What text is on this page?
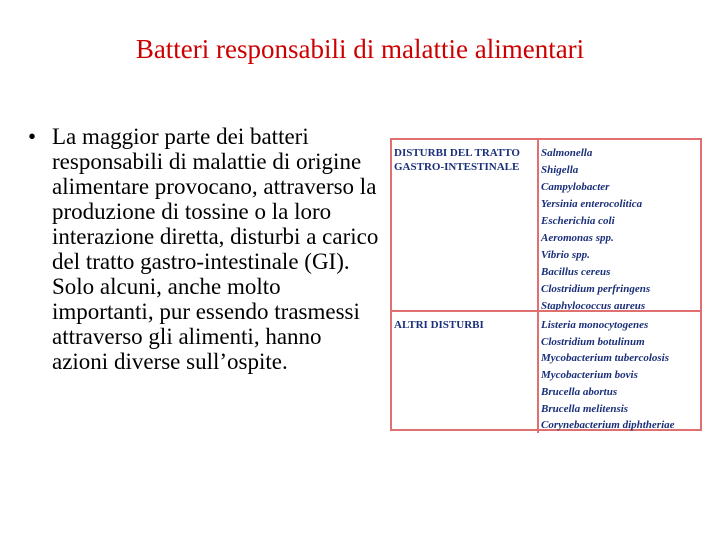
Batteri responsabili di malattie alimentari
• La maggior parte dei batteri responsabili di malattie di origine alimentare provocano, attraverso la produzione di tossine o la loro interazione diretta, disturbi a carico del tratto gastro-intestinale (GI). Solo alcuni, anche molto importanti, pur essendo trasmessi attraverso gli alimenti, hanno azioni diverse sull’ospite.
DISTURBI DEL TRATTO GASTRO-INTESTINALE
Salmonella
Shigella
Campylobacter
Yersinia enterocolitica
Escherichia coli
Aeromonas spp.
Vibrio spp.
Bacillus cereus
Clostridium perfringens
Staphylococcus aureus
ALTRI DISTURBI	Listeria monocytogenes
Clostridium botulinum
Mycobacterium tubercolosis
Mycobacterium bovis
Brucella abortus
Brucella melitensis
Corynebacterium diphtheriae
